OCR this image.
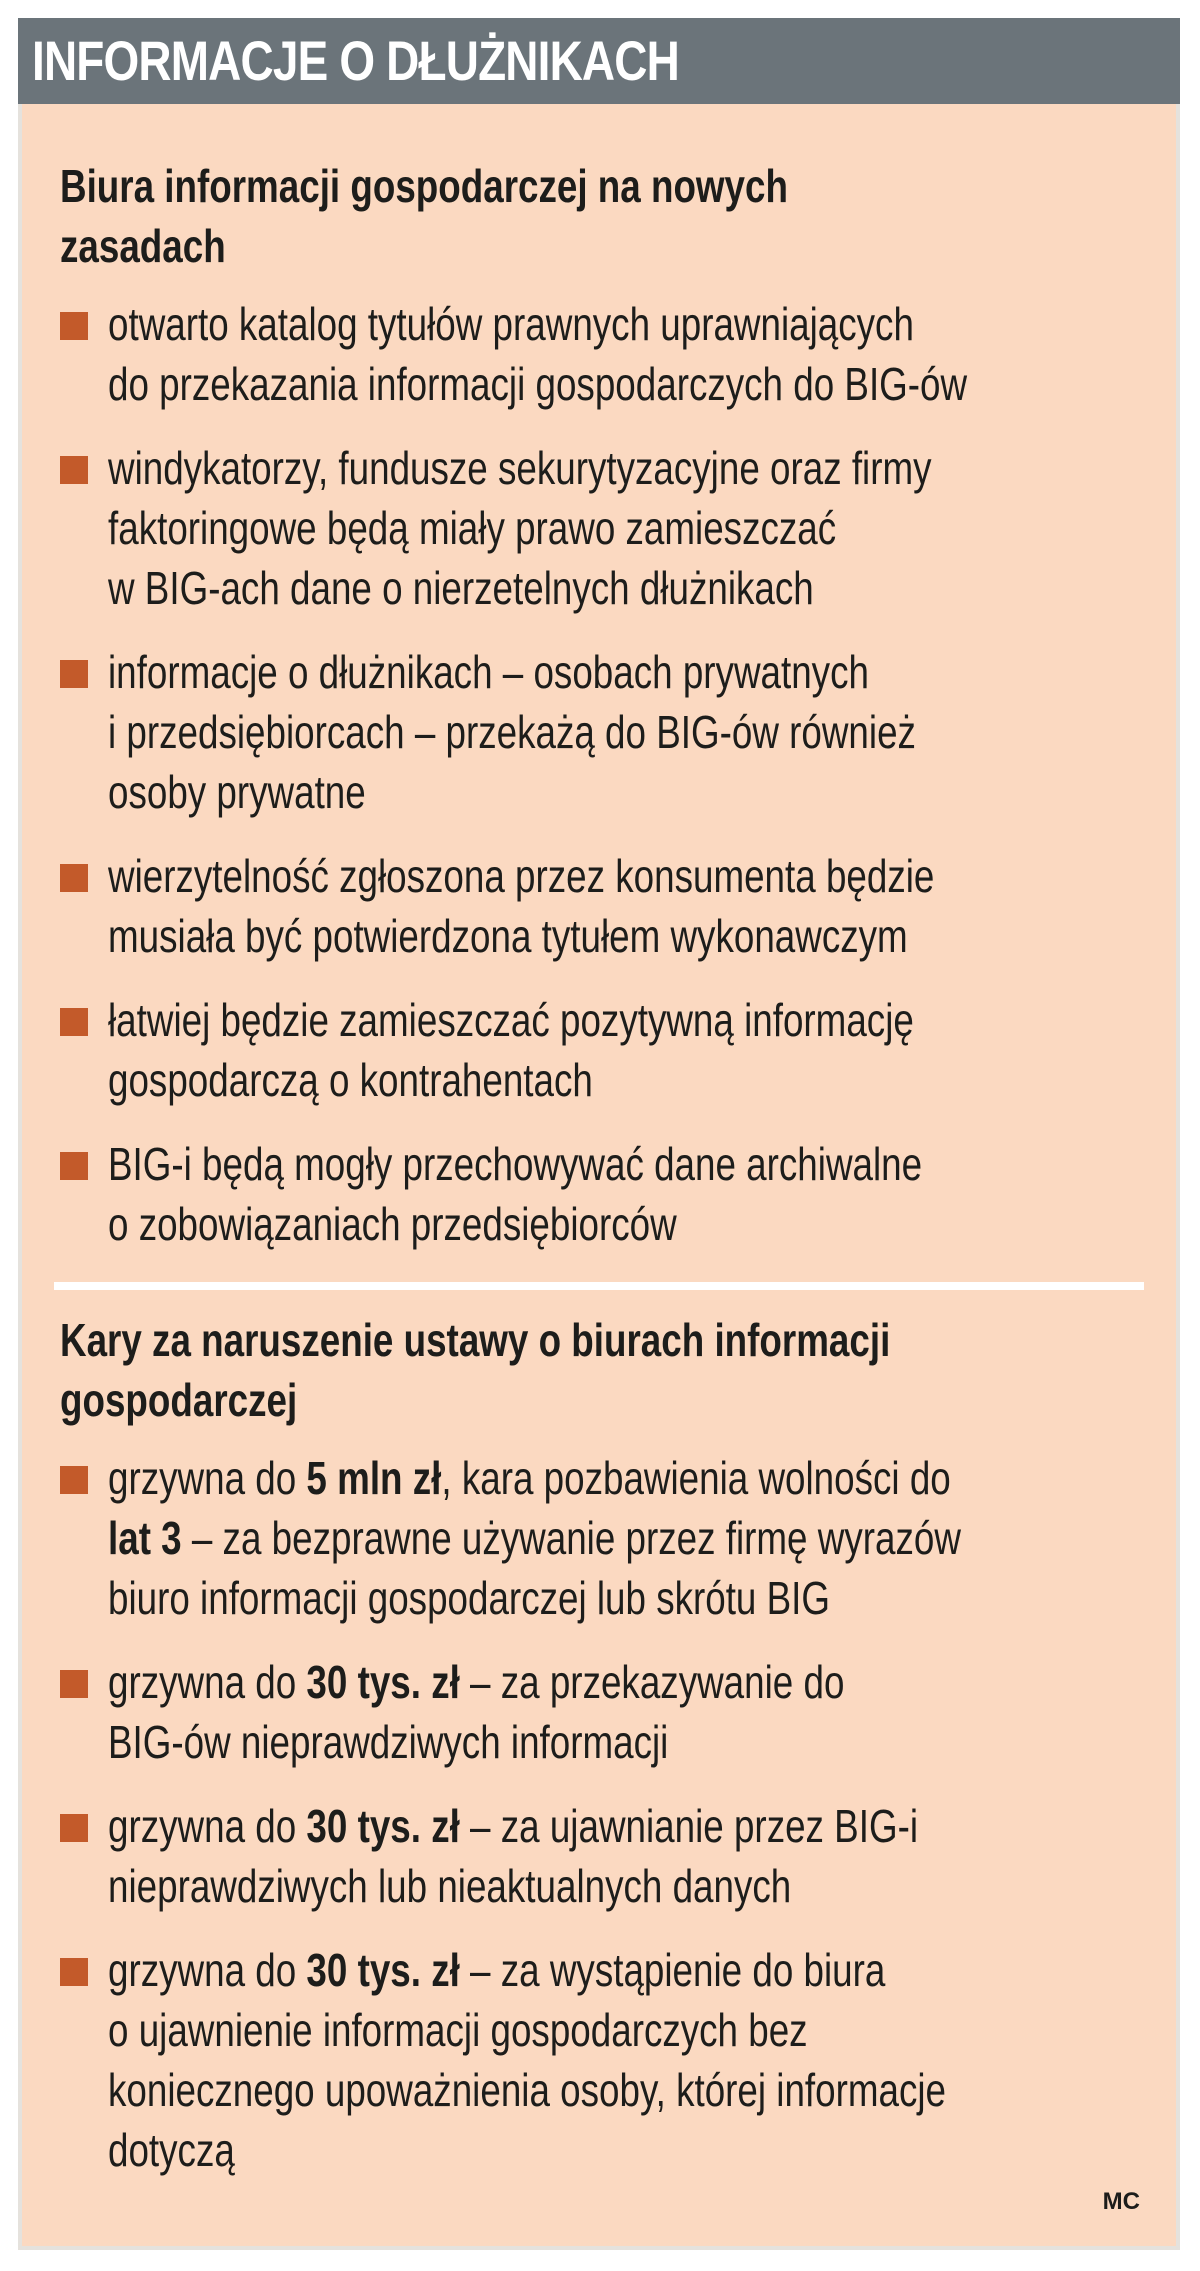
INFORMACJE O DŁUŻNIKACH
Biura informacji gospodarczej na nowych
zasadach
otwarto katalog tytułów prawnych uprawniających
do przekazania informacji gospodarczych do BIG-ów
windykatorzy, fundusze sekurytyzacyjne oraz firmy
faktoringowe będą miały prawo zamieszczać
w BIG-ach dane o nierzetelnych dłużnikach
informacje o dłużnikach – osobach prywatnych
i przedsiębiorcach – przekażą do BIG-ów również
osoby prywatne
wierzytelność zgłoszona przez konsumenta będzie
musiała być potwierdzona tytułem wykonawczym
łatwiej będzie zamieszczać pozytywną informację
gospodarczą o kontrahentach
BIG-i będą mogły przechowywać dane archiwalne
o zobowiązaniach przedsiębiorców
Kary za naruszenie ustawy o biurach informacji
gospodarczej
grzywna do 5 mln zł, kara pozbawienia wolności do
lat 3 – za bezprawne używanie przez firmę wyrazów
biuro informacji gospodarczej lub skrótu BIG
grzywna do 30 tys. zł – za przekazywanie do
BIG-ów nieprawdziwych informacji
grzywna do 30 tys. zł – za ujawnianie przez BIG-i
nieprawdziwych lub nieaktualnych danych
grzywna do 30 tys. zł – za wystąpienie do biura
o ujawnienie informacji gospodarczych bez
koniecznego upoważnienia osoby, której informacje
dotyczą
MC
